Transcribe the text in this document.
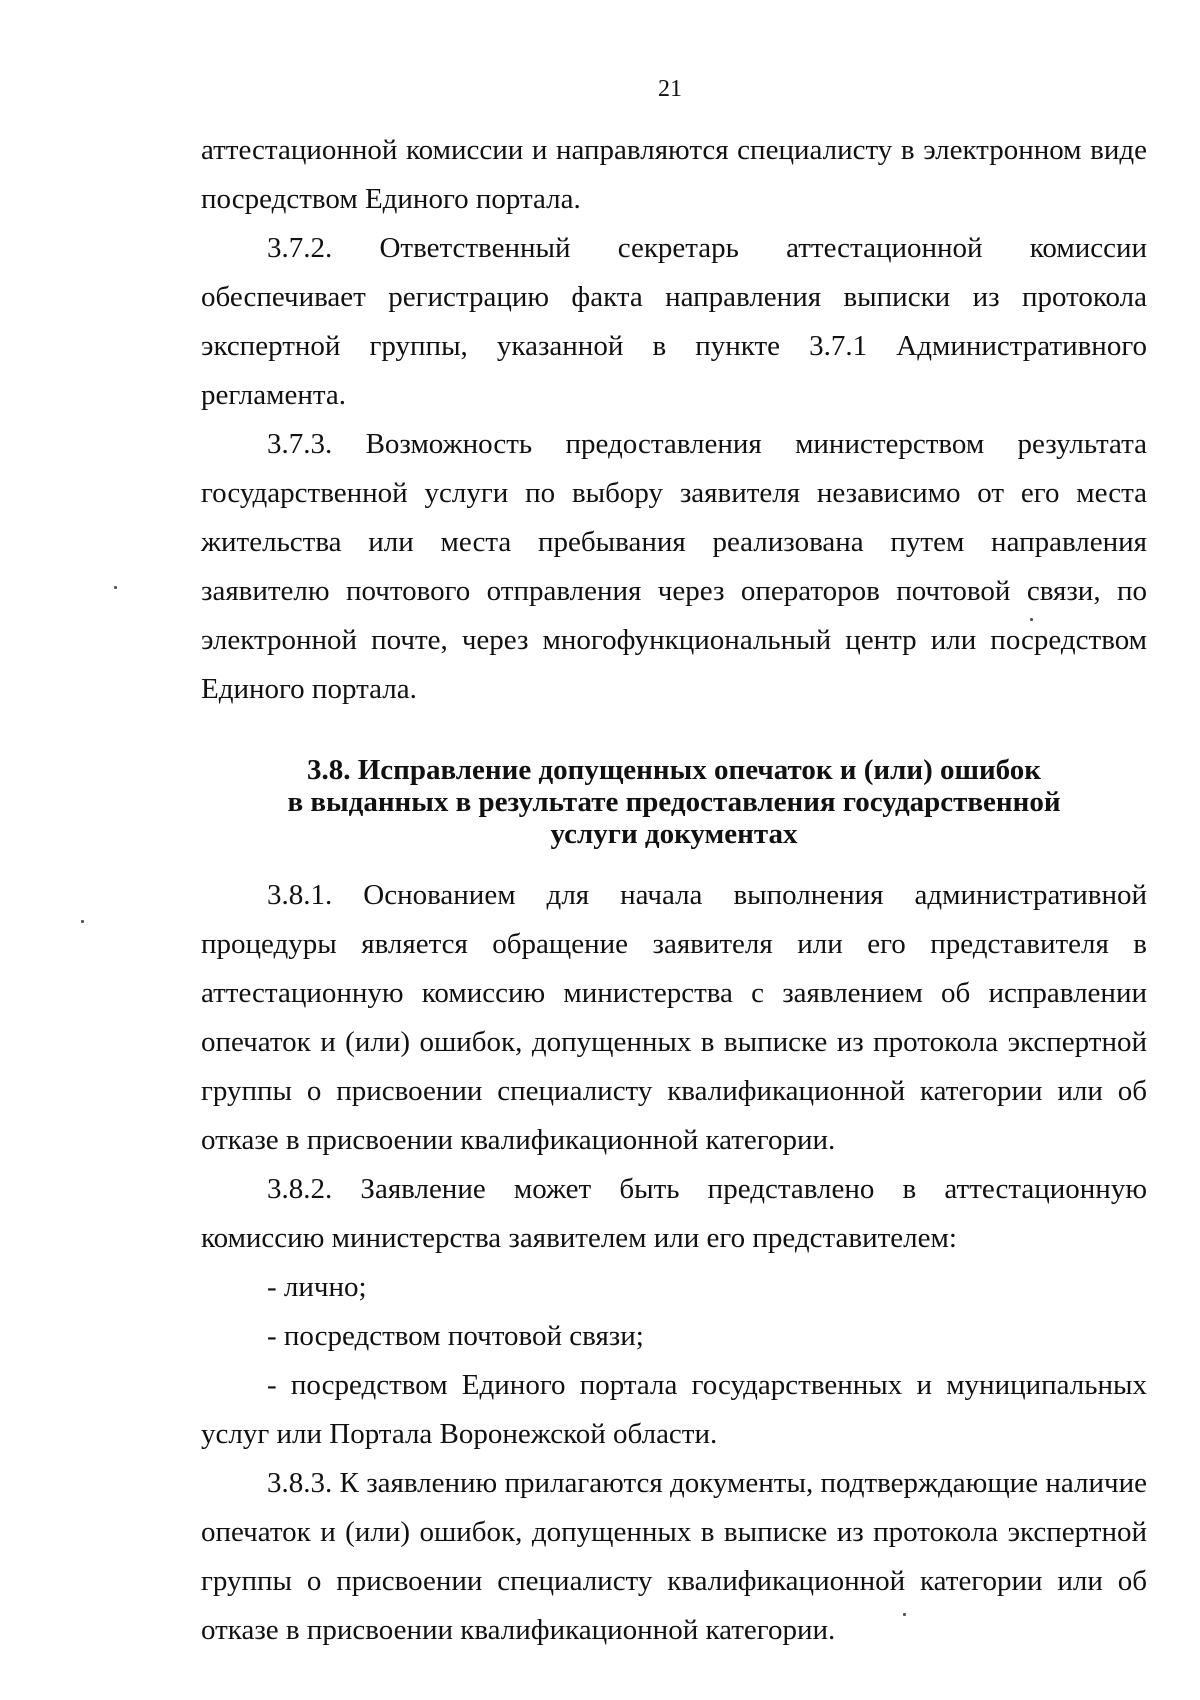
21

аттестационной комиссии и направляются специалисту в электронном виде посредством Единого портала.

3.7.2. Ответственный секретарь аттестационной комиссии обеспечивает регистрацию факта направления выписки из протокола экспертной группы, указанной в пункте 3.7.1 Административного регламента.

3.7.3. Возможность предоставления министерством результата государственной услуги по выбору заявителя независимо от его места жительства или места пребывания реализована путем направления заявителю почтового отправления через операторов почтовой связи, по электронной почте, через многофункциональный центр или посредством Единого портала.

3.8. Исправление допущенных опечаток и (или) ошибок
в выданных в результате предоставления государственной
услуги документах

3.8.1. Основанием для начала выполнения административной процедуры является обращение заявителя или его представителя в аттестационную комиссию министерства с заявлением об исправлении опечаток и (или) ошибок, допущенных в выписке из протокола экспертной группы о присвоении специалисту квалификационной категории или об отказе в присвоении квалификационной категории.

3.8.2. Заявление может быть представлено в аттестационную комиссию министерства заявителем или его представителем:

- лично;

- посредством почтовой связи;

- посредством Единого портала государственных и муниципальных услуг или Портала Воронежской области.

3.8.3. К заявлению прилагаются документы, подтверждающие наличие опечаток и (или) ошибок, допущенных в выписке из протокола экспертной группы о присвоении специалисту квалификационной категории или об отказе в присвоении квалификационной категории.
